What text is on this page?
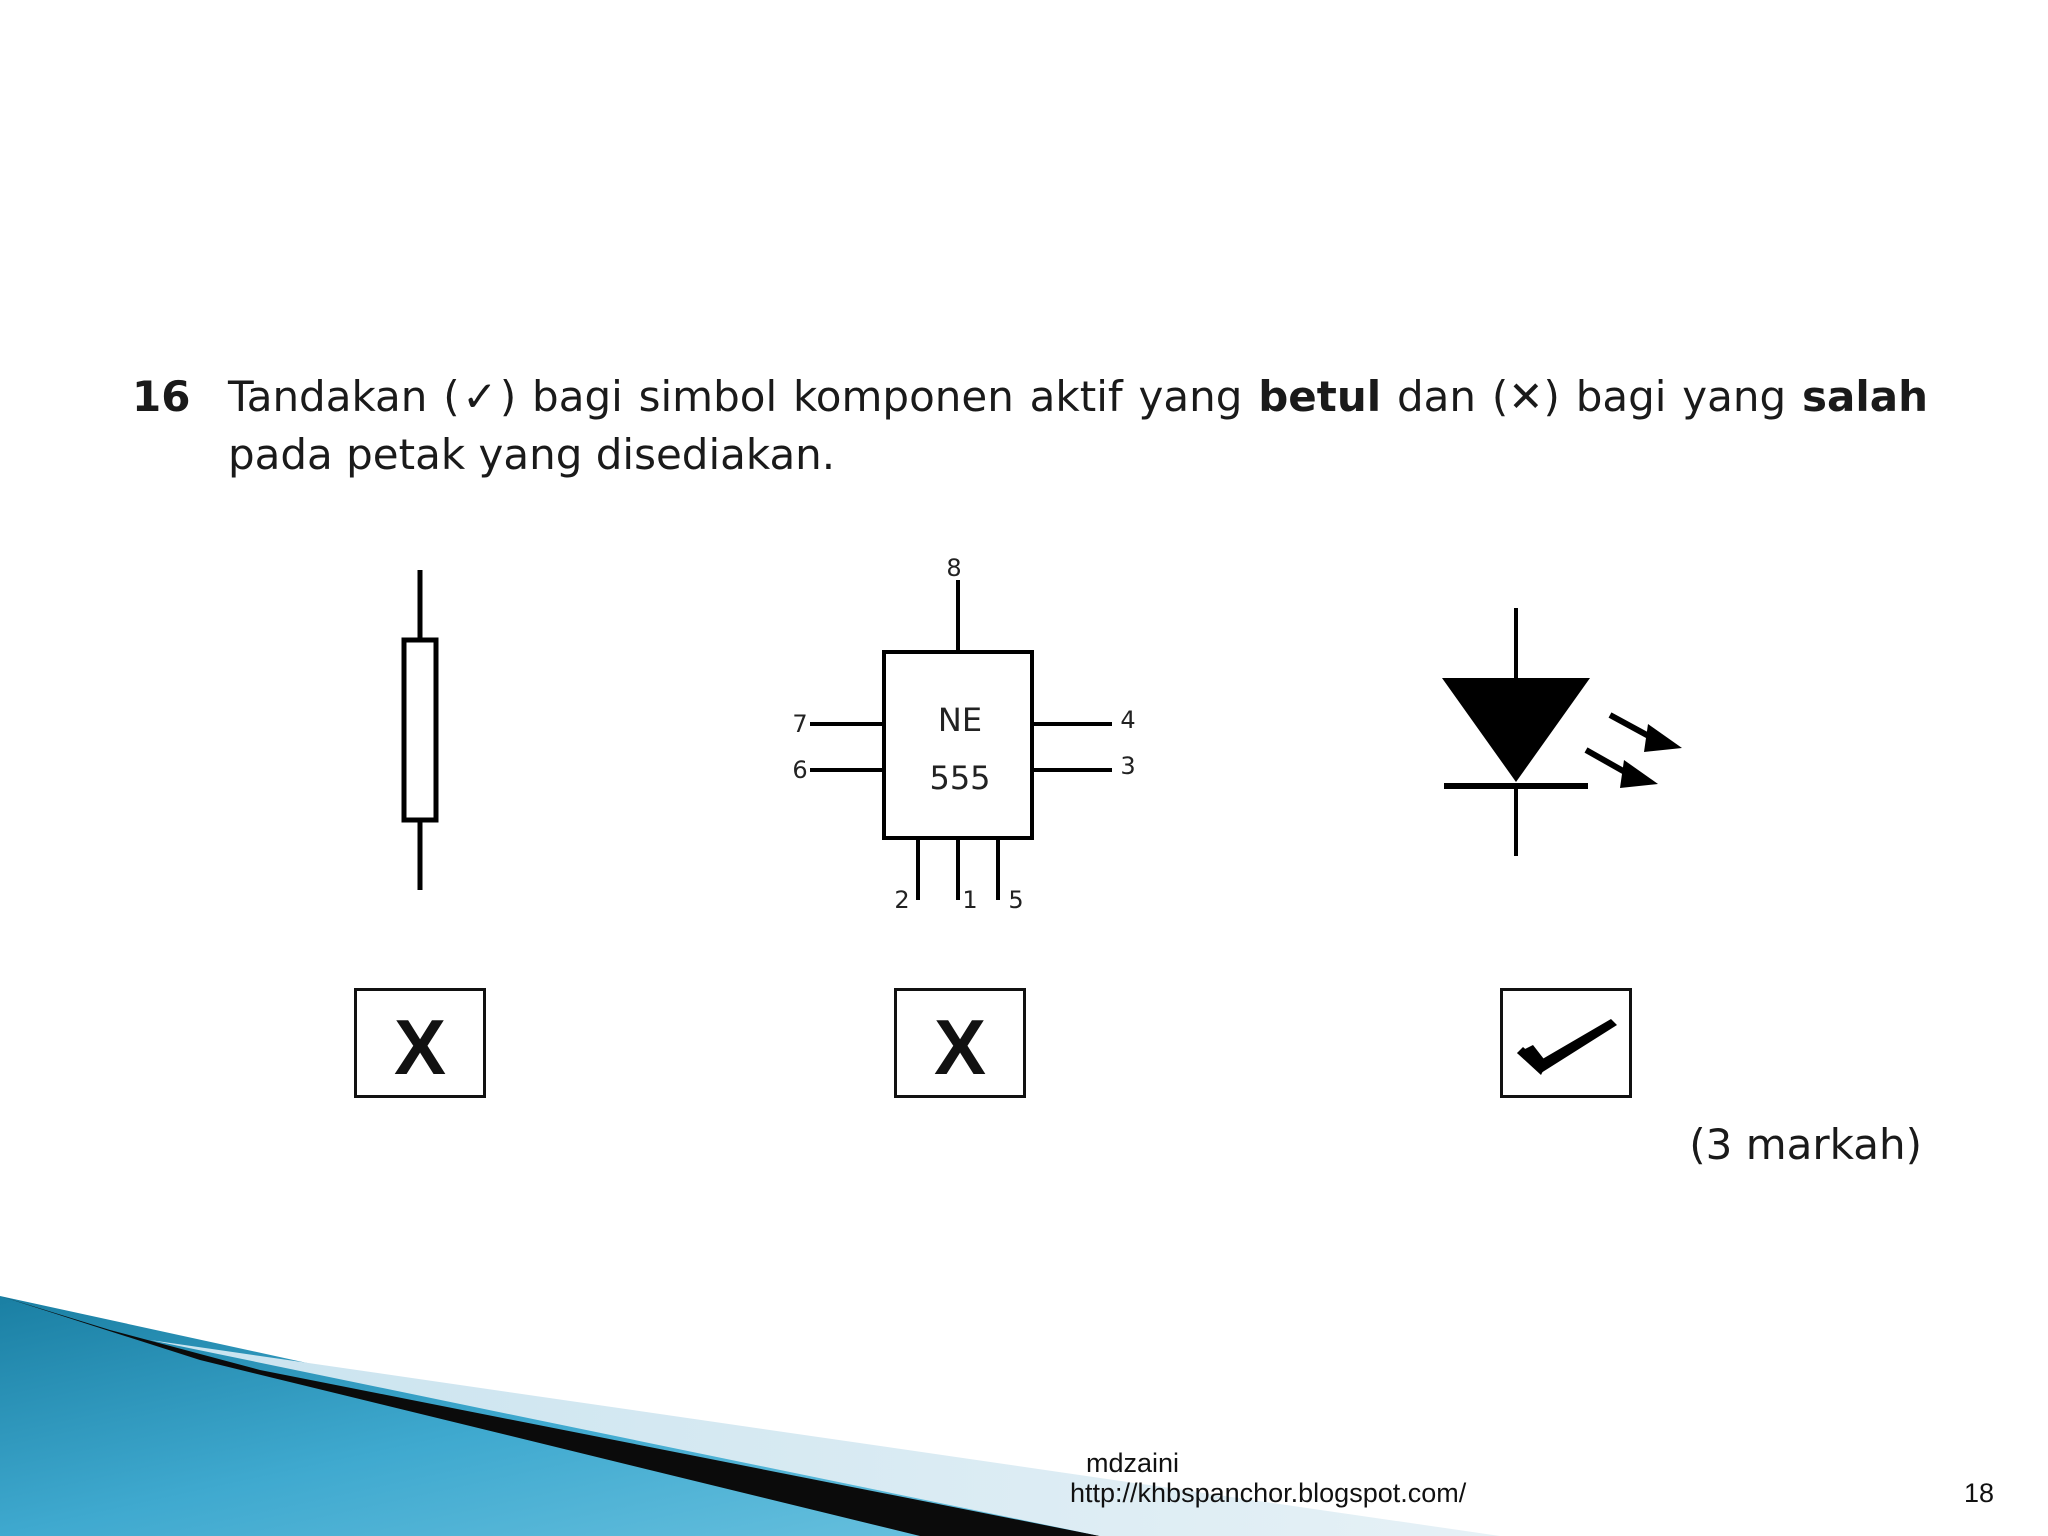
16 Tandakan (✓) bagi simbol komponen aktif yang betul dan (✕) bagi yang salah pada petak yang disediakan.
NE
555
8
7
6
4
3
2 1 5
X	X
(3 markah)
mdzaini
http://khbspanchor.blogspot.com/	18
